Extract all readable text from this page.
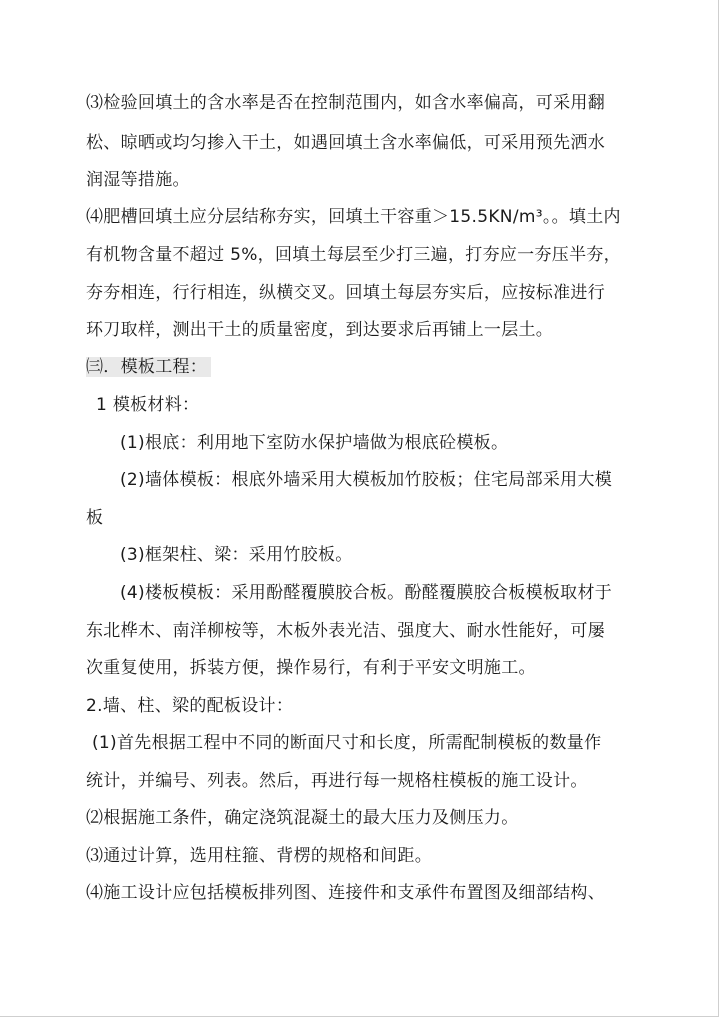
⑶检验回填土的含水率是否在控制范围内，如含水率偏高，可采用翻
松、晾晒或均匀掺入干土，如遇回填土含水率偏低，可采用预先洒水
润湿等措施。
⑷肥槽回填土应分层结称夯实，回填土干容重＞15.5KN/m³。。填土内
有机物含量不超过 5%，回填土每层至少打三遍，打夯应一夯压半夯，
夯夯相连，行行相连，纵横交叉。回填土每层夯实后，应按标准进行
环刀取样，测出干土的质量密度，到达要求后再铺上一层土。
㈢．模板工程：
1 模板材料：
(1)根底：利用地下室防水保护墙做为根底砼模板。
(2)墙体模板：根底外墙采用大模板加竹胶板；住宅局部采用大模
板
(3)框架柱、梁：采用竹胶板。
(4)楼板模板：采用酚醛覆膜胶合板。酚醛覆膜胶合板模板取材于
东北桦木、南洋柳桉等，木板外表光洁、强度大、耐水性能好，可屡
次重复使用，拆装方便，操作易行，有利于平安文明施工。
2.墙、柱、梁的配板设计：
(1)首先根据工程中不同的断面尺寸和长度，所需配制模板的数量作
统计，并编号、列表。然后，再进行每一规格柱模板的施工设计。
⑵根据施工条件，确定浇筑混凝土的最大压力及侧压力。
⑶通过计算，选用柱箍、背楞的规格和间距。
⑷施工设计应包括模板排列图、连接件和支承件布置图及细部结构、
